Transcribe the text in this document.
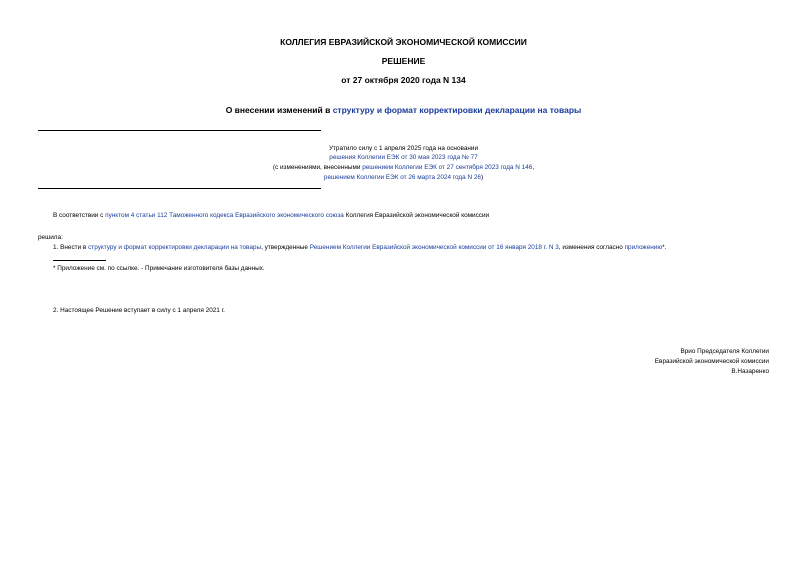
КОЛЛЕГИЯ ЕВРАЗИЙСКОЙ ЭКОНОМИЧЕСКОЙ КОМИССИИ
РЕШЕНИЕ
от 27 октября 2020 года N 134
О внесении изменений в структуру и формат корректировки декларации на товары
Утратило силу с 1 апреля 2025 года на основании
решения Коллегии ЕЭК от 30 мая 2023 года № 77
(с изменениями, внесенными решением Коллегии ЕЭК от 27 сентября 2023 года N 146,
решением Коллегии ЕЭК от 26 марта 2024 года N 26)
В соответствии с пунктом 4 статьи 112 Таможенного кодекса Евразийского экономического союза Коллегия Евразийской экономической комиссии
решила:
1. Внести в структуру и формат корректировки декларации на товары, утвержденные Решением Коллегии Евразийской экономической комиссии от 16 января 2018 г. N 3, изменения согласно приложению*.
* Приложение см. по ссылке. - Примечание изготовителя базы данных.
2. Настоящее Решение вступает в силу с 1 апреля 2021 г.
Врио Председателя Коллегии
Евразийской экономической комиссии
В.Назаренко
